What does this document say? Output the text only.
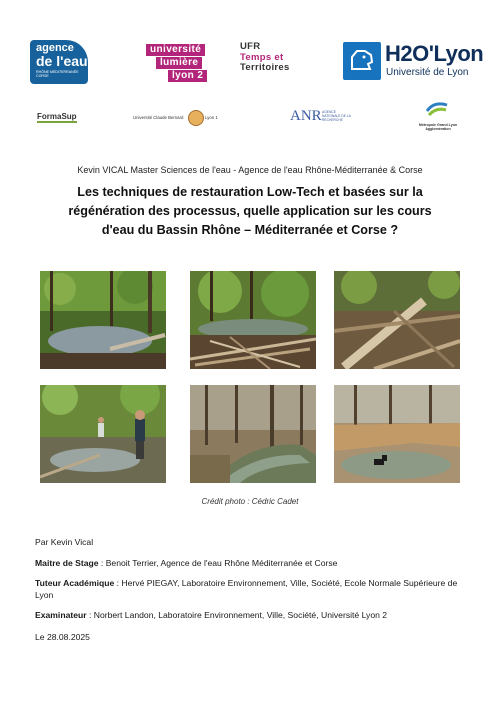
agence
de l'eau
RHÔNE MÉDITERRANÉE CORSE
université
lumière
lyon 2
UFR
Temps et
Territoires
H2O'Lyon
Université de Lyon
FormaSup	Université Claude Bernard	Lyon 1	ANR AGENCE NATIONALE DE LA RECHERCHE
Métropole Grand Lyon Agglomération
Kevin VICAL Master Sciences de l'eau - Agence de l'eau Rhône-Méditerranée & Corse
Les techniques de restauration Low-Tech et basées sur la régénération des processus, quelle application sur les cours d'eau du Bassin Rhône – Méditerranée et Corse ?
Crédit photo : Cédric Cadet
Par Kevin Vical
Maitre de Stage : Benoit Terrier, Agence de l'eau Rhône Méditerranée et Corse
Tuteur Académique : Hervé PIEGAY, Laboratoire Environnement, Ville, Société, Ecole Normale Supérieure de Lyon
Examinateur : Norbert Landon, Laboratoire Environnement, Ville, Société, Université Lyon 2
Le 28.08.2025
